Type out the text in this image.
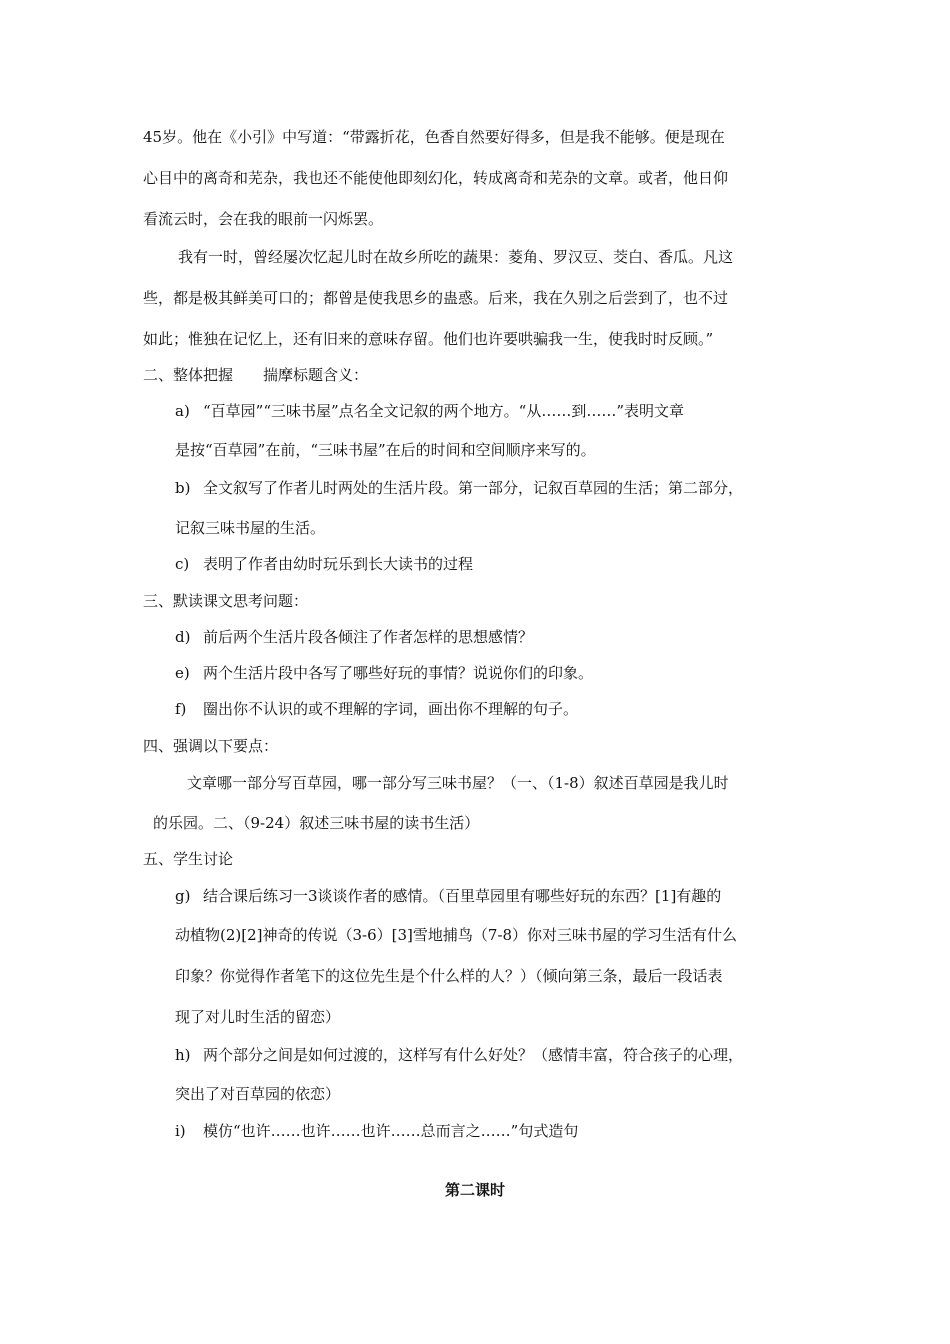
45岁。他在《小引》中写道：“带露折花，色香自然要好得多，但是我不能够。便是现在
心目中的离奇和芜杂，我也还不能使他即刻幻化，转成离奇和芜杂的文章。或者，他日仰
看流云时，会在我的眼前一闪烁罢。
我有一时，曾经屡次忆起儿时在故乡所吃的蔬果：菱角、罗汉豆、茭白、香瓜。凡这
些，都是极其鲜美可口的；都曾是使我思乡的蛊惑。后来，我在久别之后尝到了，也不过
如此；惟独在记忆上，还有旧来的意味存留。他们也许要哄骗我一生，使我时时反顾。”
二、整体把握　　揣摩标题含义：
a) “百草园”“三味书屋”点名全文记叙的两个地方。“从……到……”表明文章
是按“百草园”在前，“三味书屋”在后的时间和空间顺序来写的。
b) 全文叙写了作者儿时两处的生活片段。第一部分，记叙百草园的生活；第二部分，
记叙三味书屋的生活。
c) 表明了作者由幼时玩乐到长大读书的过程
三、默读课文思考问题：
d) 前后两个生活片段各倾注了作者怎样的思想感情？
e) 两个生活片段中各写了哪些好玩的事情？说说你们的印象。
f) 圈出你不认识的或不理解的字词，画出你不理解的句子。
四、强调以下要点：
文章哪一部分写百草园，哪一部分写三味书屋？（一、（1-8）叙述百草园是我儿时
的乐园。二、（9-24）叙述三味书屋的读书生活）
五、学生讨论
g) 结合课后练习一3谈谈作者的感情。（百里草园里有哪些好玩的东西？[1]有趣的
动植物(2)[2]神奇的传说（3-6）[3]雪地捕鸟（7-8）你对三味书屋的学习生活有什么
印象？你觉得作者笔下的这位先生是个什么样的人？）（倾向第三条，最后一段话表
现了对儿时生活的留恋）
h) 两个部分之间是如何过渡的，这样写有什么好处？（感情丰富，符合孩子的心理，
突出了对百草园的依恋）
i) 模仿“也许……也许……也许……总而言之……”句式造句
第二课时
